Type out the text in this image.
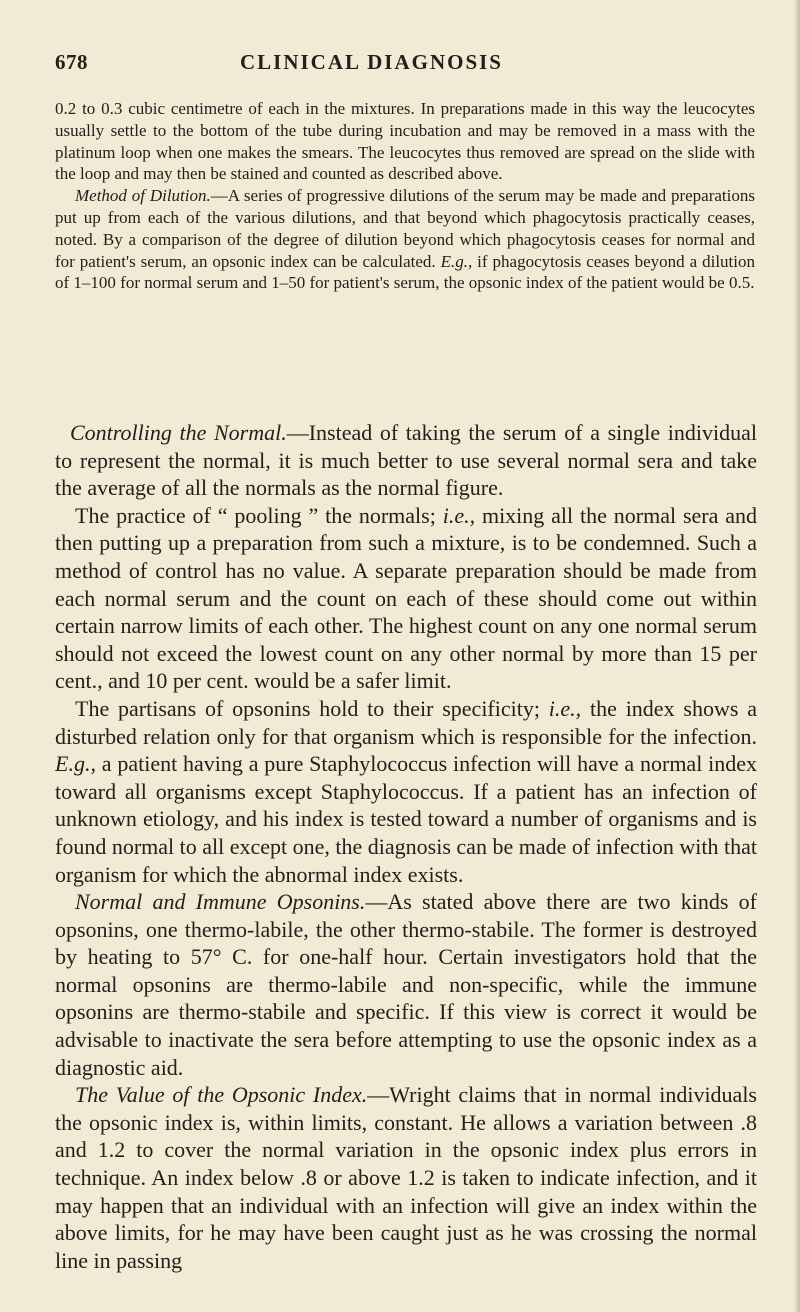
678	CLINICAL DIAGNOSIS

0.2 to 0.3 cubic centimetre of each in the mixtures. In preparations made in this way the leucocytes usually settle to the bottom of the tube during incubation and may be removed in a mass with the platinum loop when one makes the smears. The leucocytes thus removed are spread on the slide with the loop and may then be stained and counted as described above.

Method of Dilution.—A series of progressive dilutions of the serum may be made and preparations put up from each of the various dilutions, and that beyond which phagocytosis practically ceases, noted. By a comparison of the degree of dilution beyond which phagocytosis ceases for normal and for patient's serum, an opsonic index can be calculated. E.g., if phagocytosis ceases beyond a dilution of 1–100 for normal serum and 1–50 for patient's serum, the opsonic index of the patient would be 0.5.

Controlling the Normal.—Instead of taking the serum of a single individual to represent the normal, it is much better to use several normal sera and take the average of all the normals as the normal figure.

The practice of “ pooling ” the normals; i.e., mixing all the normal sera and then putting up a preparation from such a mixture, is to be condemned. Such a method of control has no value. A separate preparation should be made from each normal serum and the count on each of these should come out within certain narrow limits of each other. The highest count on any one normal serum should not exceed the lowest count on any other normal by more than 15 per cent., and 10 per cent. would be a safer limit.

The partisans of opsonins hold to their specificity; i.e., the index shows a disturbed relation only for that organism which is responsible for the infection. E.g., a patient having a pure Staphylococcus infection will have a normal index toward all organisms except Staphylococcus. If a patient has an infection of unknown etiology, and his index is tested toward a number of organisms and is found normal to all except one, the diagnosis can be made of infection with that organism for which the abnormal index exists.

Normal and Immune Opsonins.—As stated above there are two kinds of opsonins, one thermo-labile, the other thermo-stabile. The former is destroyed by heating to 57° C. for one-half hour. Certain investigators hold that the normal opsonins are thermo-labile and non-specific, while the immune opsonins are thermo-stabile and specific. If this view is correct it would be advisable to inactivate the sera before attempting to use the opsonic index as a diagnostic aid.

The Value of the Opsonic Index.—Wright claims that in normal individuals the opsonic index is, within limits, constant. He allows a variation between .8 and 1.2 to cover the normal variation in the opsonic index plus errors in technique. An index below .8 or above 1.2 is taken to indicate infection, and it may happen that an individual with an infection will give an index within the above limits, for he may have been caught just as he was crossing the normal line in passing
